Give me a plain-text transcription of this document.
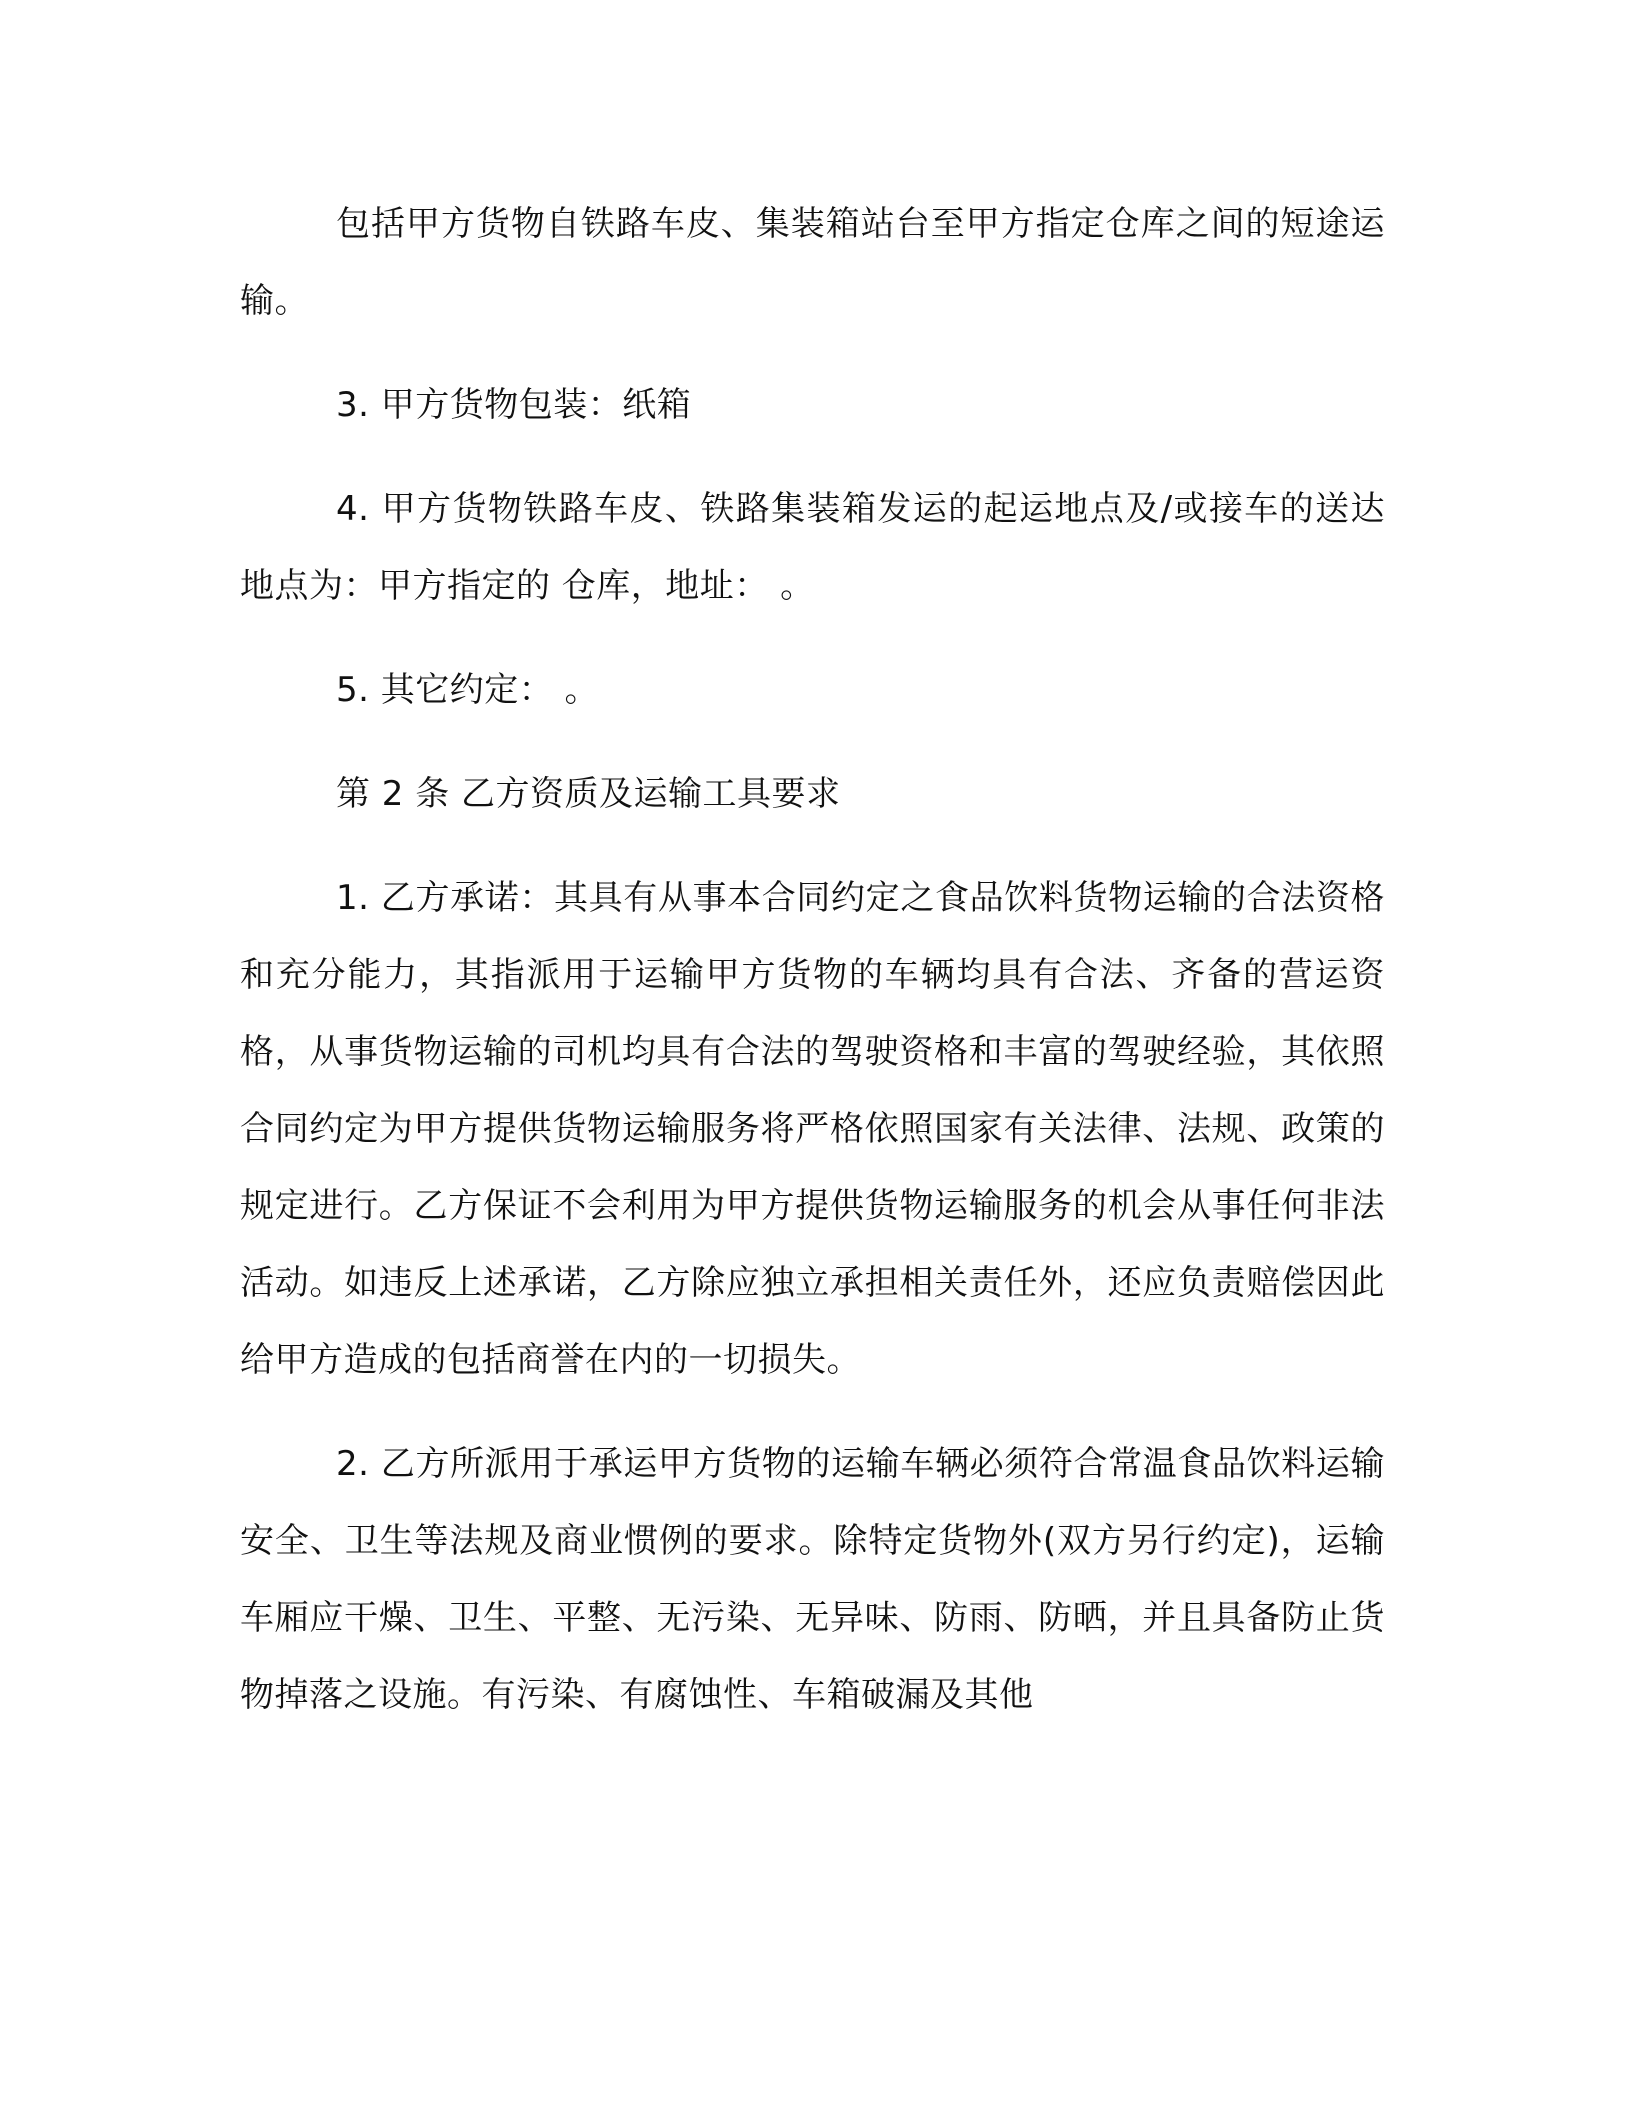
包括甲方货物自铁路车皮、集装箱站台至甲方指定仓库之间的短途运输。

3. 甲方货物包装：纸箱

4. 甲方货物铁路车皮、铁路集装箱发运的起运地点及/或接车的送达地点为：甲方指定的 仓库，地址： 。

5. 其它约定： 。

第 2 条 乙方资质及运输工具要求

1. 乙方承诺：其具有从事本合同约定之食品饮料货物运输的合法资格和充分能力，其指派用于运输甲方货物的车辆均具有合法、齐备的营运资格，从事货物运输的司机均具有合法的驾驶资格和丰富的驾驶经验，其依照合同约定为甲方提供货物运输服务将严格依照国家有关法律、法规、政策的规定进行。乙方保证不会利用为甲方提供货物运输服务的机会从事任何非法活动。如违反上述承诺，乙方除应独立承担相关责任外，还应负责赔偿因此给甲方造成的包括商誉在内的一切损失。

2. 乙方所派用于承运甲方货物的运输车辆必须符合常温食品饮料运输安全、卫生等法规及商业惯例的要求。除特定货物外(双方另行约定)，运输车厢应干燥、卫生、平整、无污染、无异味、防雨、防晒，并且具备防止货物掉落之设施。有污染、有腐蚀性、车箱破漏及其他
